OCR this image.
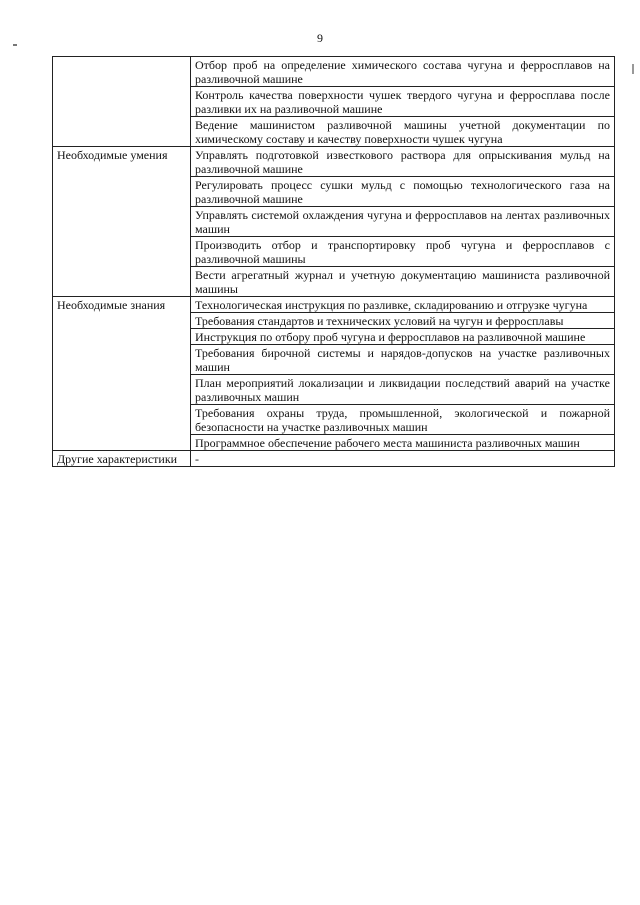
9
	Отбор проб на определение химического состава чугуна и ферросплавов на разливочной машине
	Контроль качества поверхности чушек твердого чугуна и ферросплава после разливки их на разливочной машине
	Ведение машинистом разливочной машины учетной документации по химическому составу и качеству поверхности чушек чугуна
Необходимые умения	Управлять подготовкой известкового раствора для опрыскивания мульд на разливочной машине
	Регулировать процесс сушки мульд с помощью технологического газа на разливочной машине
	Управлять системой охлаждения чугуна и ферросплавов на лентах разливочных машин
	Производить отбор и транспортировку проб чугуна и ферросплавов с разливочной машины
	Вести агрегатный журнал и учетную документацию машиниста разливочной машины
Необходимые знания	Технологическая инструкция по разливке, складированию и отгрузке чугуна
	Требования стандартов и технических условий на чугун и ферросплавы
	Инструкция по отбору проб чугуна и ферросплавов на разливочной машине
	Требования бирочной системы и нарядов-допусков на участке разливочных машин
	План мероприятий локализации и ликвидации последствий аварий на участке разливочных машин
	Требования охраны труда, промышленной, экологической и пожарной безопасности на участке разливочных машин
	Программное обеспечение рабочего места машиниста разливочных машин
Другие характеристики	-
